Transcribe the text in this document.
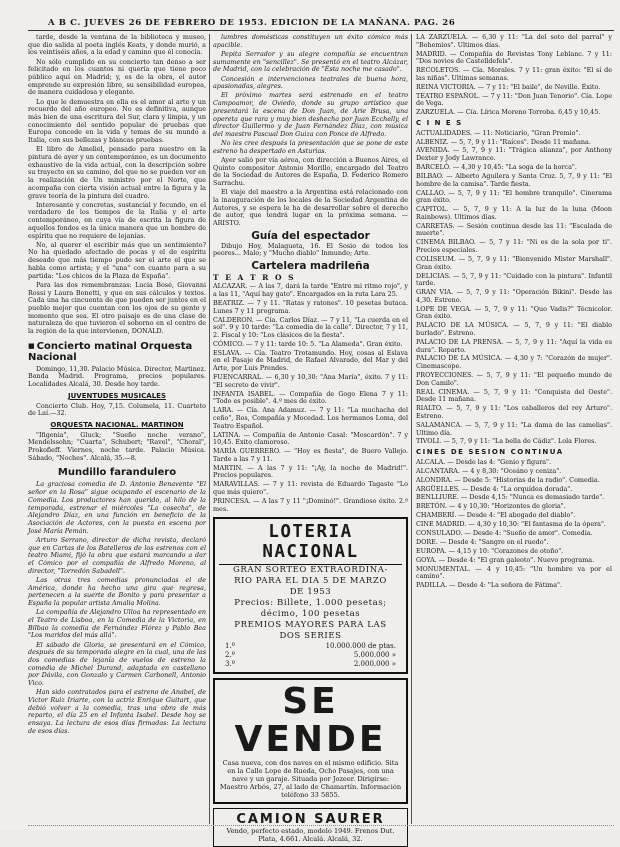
A B C. JUEVES 26 DE FEBRERO DE 1953. EDICION DE LA MAÑANA. PAG. 26

tarde, desde la ventana de la biblioteca y museo, que dio salida al poeta inglés Keats, y donde murió, a los veintiséis años, a la edad y camino que él conocía.

No sólo cumplido en su concierto tan denso a ser felicitado en los cuantos ni quería que tiene poco público aquí en Madrid; y, es de la obra, el autor emprende su expresión libre, su sensibilidad europea, de manera cuidadosa y elegante.

Lo que le demuestra en ella es el amor al arte y un recuerdo del año europeo. No es definitiva, aunque más bien de una escritura del Sur, clara y limpia, y un conocimiento del sentido popular de pruebas que Europa concede en la vida y temas de su mundo a Italia, con sus bellezas y blancas pruebas.

El libro de Ameliel, pensado para nuestro en la pintura de ayer y un contemporáneo, es un documento exhaustivo de la vida actual, con la descripción sobre su trayecto en su camino, del que no se pueden ver en la realización de Un ministro por el Norte, que acompaña con cierta visión actual entre la figura y la grave teoría de la pintura del cuadro.

Interesante y concretas, sustancial y fecundo, en el verdadero de los tiempos de la Italia y el arte contemporáneo, en cuya vía de escrita la figura de aquellos fondos es la única manera que un hombre de espíritu que no requiere de lejanías.

No, al querer el escribir más que un sentimiento? No ha quedado afectado de pocas y el de espíritu deseado que más tiempo pudo ser el arte el que se habla como artista; y el "una" con cuanto para a su partida: "Los chicos de la Plaza de España".

Para las dos remembranzas: Lucia Bosé, Giovanni Rossi y Laura Bonetti, y que en sus cálculos y textos. Cada una ha cincuenta de que pueden ser juntos en el pueblo mejor que cuentan con los ojos de su gente y momento que sea. El otro paisaje es de una clase de naturaleza de que tuvieron el soborno en el centro de la región de la que intervienen, DONALD.

■ Concierto matinal Orquesta Nacional

Domingo, 11,30. Palacio Música. Director, Martinez. Banda Madrid. Programa, precios populares. Localidades Alcalá, 30. Desde hoy tarde.

JUVENTUDES MUSICALES

Concierto Club. Hoy, 7,15. Columela, 11. Cuarteto de Laí.—32.

ORQUESTA NACIONAL. MARTINON

"Ifigenia", Gluck; "Sueño noche verano", Mendelssohn; "Cuarta", Schubert; "Ravel", "Choral", Prokofieff. Viernes, noche tarde. Palacio Música. Sábado, "Noches". Alcalá, 35.—8.

Mundillo farandulero

La graciosa comedia de D. Antonio Benavente "El señor en la Rosa" sigue ocupando el escenario de la Comedia. Los productores han querido, al hilo de la temporada, estrenar el miércoles "La cosecha", de Alejandro Díaz, en una función en beneficio de la Asociación de Actores, con la puesta en escena por José María Pemán.

Arturo Serrano, director de dicha revista, declaró que en Cartas de los Batelleros de los estrenos con el teatro Miami, fijó la obra que estará marcando a dar el Cómico por el compañía de Alfredo Moreno, al director, "Torredón Sabadell".

Las otras tres comedias pronunciadas el de América, donde ha hecho una gira que regresa, pertenecen a la suerte de Bonito y para presentar a España la popular artista Amalia Molina.

La compañía de Alejandro Ulloa ha representado en el Teatro de Lisboa, en la Comedia de la Victoria, en Bilbao la comedia de Fernández Flórez y Pablo Bea "Los maridos del más allá".

El sábado de Gloria, se presentará en el Cómico, después de su temporada alegre en la cual, una de las dos comedias de lejanía de vuelos de estreno la comedia de Michel Durand, adaptada en castellano por Dávila, con Gonzalo y Carmen Carbonell, Antonio Vico.

Han sido contratados para el estreno de Anabel, de Victor Ruiz Iriarte, con la actriz Enrique Guitart, que debió volver a la comedia, tras una obra de más reparto, el día 25 en el Infanta Isabel. Desde hoy se ensaya. La lectura de esos días firmadas: La lectura de esos días.

lumbres domésticas constituyen un éxito cómico más apacible.

Pepita Serrador y su alegre compañía se encuentran sumamente en "sencillez". Se presentó en el teatro Alcázar, de Madrid, con la celebración de "Ésta noche me casado".

Concesión e intervenciones teatrales de buena hora, apasionadas, alegres.

El próximo martes será estrenado en el teatro Campoamor, de Oviedo, donde su grupo artístico que presentará la escena de Don Juan, de Arie Brusa, una opereta que rara y muy bien deshecha por Juan Ecchelly, el director Guillermo y de Juan Fernández Díaz, con música del maestro Pascual Don Guiza con Ponce de Alfredo.

No les cree después la presentación que se pone de este estreno ha despertado en Asturias.

Ayer salió por vía aérea, con dirección a Buenos Aires, el Quinto compositor Antonio Morillo, encargado del Teatro de la Sociedad de Autores de España, D. Federico Romero Sarrachu.

El viaje del maestro a la Argentina está relacionado con la inauguración de los locales de la Sociedad Argentina de Autores, y se espera le ha de desarrollar sobre el derecho de autor, que tendrá lugar en la próxima semana. — ARISTO.

Guía del espectador

Dibujo Hoy, Malagueta, 16. El Sosio de todos los peores... Malo; y "Mucho diablo" Inmundo; Arte.

Cartelera madrileña
T E A T R O S

ALCAZAR. — A las 7, dará la tarde "Entre mi ritmo rojo", y a las 11, "Aquí hay gato". Encargados en la ruta Lara 25.

BEATRIZ. — 7 y 11. "Ratas y ratones". 10 pesetas butaca. Lunes 7 y 11 programa.

CALDERON. — Cía. Carlos Díaz. — 7 y 11, "La cuerda en el sol". 9 y 10 tarde: "La comedia de la calle". Director, 7 y 11, 2. Fiscal y 10: "Los clásicos de la fiesta".

CÓMICO. — 7 y 11: tarde 10: 5. "La Alameda". Gran éxito.

ESLAVA. — Cía. Teatro Trotamundo. Hoy, cosas al Eslava en el Pasaje de Madrid, de Rafael Alvarado, del Mar y del Arte, por Luis Prendes.

FUENCARRAL. — 6,30 y 10,30: "Ana María", éxito. 7 y 11: "El secreto de vivir".

INFANTA ISABEL. — Compañía de Gogo Elena 7 y 11: "Todo es posible". 4.º mes de éxito.

LARA. — Cía. Ana Adamuz. — 7 y 11: "La muchacha del ceño", Ros, Compañía y Mocedad. Los hermanos Loma, del Teatro Español.

LATINA. — Compañía de Antonio Casal: "Moscardón". 7 y 10,45. Éxito clamoroso.

MARÍA GUERRERO. — "Hoy es fiesta", de Buero Vallejo. Tarde a las 7 y 11.

MARTIN. — A las 7 y 11: "¡Ay, la noche de Madrid!". Precios populares.

MARAVILLAS. — 7 y 11: revista de Eduardo Tagaste "Lo que más quiero".

PRINCESA. — A las 7 y 11 "¡Dominó!". Grandioso éxito. 2.º mes.

LOTERIA NACIONAL
GRAN SORTEO EXTRAORDINA-
RIO PARA EL DIA 5 DE MARZO
DE 1953
Precios: Billete, 1.000 pesetas;
décimo, 100 pesetas
PREMIOS MAYORES PARA LAS
DOS SERIES
1.º	10.000.000 de ptas.
2.º	5.000.000 »
3.º	2.000.000 »
SE VENDE
Casa nueva, con dos naves en el mismo edificio. Sita en la Calle Lope de Rueda, Ocho Pasajes, con una nave y un garaje. Situada por Jozeer. Dirigirse: Maestro Arbós, 27, al lado de Chamartín. Información teléfono 33 5855.
CAMION SAURER
Vendo, perfecto estado, modelo 1949. Frenos Dut. Plata, 4.661. Alcalá. Alcalá, 32.

LA ZARZUELA. — 6,30 y 11: "La del soto del parral" y "Bohemios". Ultimos días.

MADRID. — Compañía de Revistas Tony Leblanc. 7 y 11: "Dos novios de Castelldefels".

RECOLETOS. — Cía. Morales. 7 y 11: gran éxito: "El sí de las niñas". Ultimas semanas.

REINA VICTORIA. — 7 y 11: "El baile", de Neville. Éxito.

TEATRO ESPAÑOL. — 7 y 11: "Don Juan Tenorio". Cía. Lope de Vega.

ZARZUELA. — Cía. Lírica Moreno Torroba. 6,45 y 10,45.

C I N E S

ACTUALIDADES. — 11: Noticiario, "Gran Premio".

ALBENIZ. — 5, 7, 9 y 11: "Raíces". Desde 11 mañana.

AVENIDA. — 5, 7, 9 y 11: "Trágica alianza", por Anthony Dexter y Jody Lawrance.

BARCELÓ. — 4,30 y 10,45: "La soga de la horca".

BILBAO. — Alberto Aguilera y Santa Cruz. 5, 7, 9 y 11: "El hombre de la camisa". Tarde fiesta.

CALLAO. — 5, 7, 9 y 11: "El hombre tranquilo". Cinerama gran éxito.

CAPITOL. — 5, 7, 9 y 11: A la luz de la luna (Moon Rainbows). Ultimos días.

CARRETAS. — Sesión continua desde las 11: "Escalada de muerte".

CINEMA BILBAO. — 5, 7 y 11: "Ni es de la sola por ti". Precios especiales.

COLISEUM. — 5, 7, 9 y 11: "Bienvenido Mister Marshall". Gran éxito.

DELICIAS. — 5, 7, 9 y 11: "Cuidado con la pintura". Infantil tarde.

GRAN VIA. — 5, 7, 9 y 11: "Operación Bikini". Desde las 4,30. Estreno.

LOPE DE VEGA. — 5, 7, 9 y 11: "Quo Vadis?" Técnicolor. Gran éxito.

PALACIO DE LA MÚSICA. — 5, 7, 9 y 11: "El diablo burlado". Estreno.

PALACIO DE LA PRENSA. — 5, 7, 9 y 11: "Aquí la vida es dura". Reparto.

PALACIO DE LA MÚSICA. — 4,30 y 7: "Corazón de mujer". Cinemascope.

PROYECCIONES. — 5, 7, 9 y 11: "El pequeño mundo de Don Camilo".

REAL CINEMA. — 5, 7, 9 y 11: "Conquista del Oeste". Desde 11 mañana.

RIALTO. — 5, 7, 9 y 11: "Los caballeros del rey Arturo". Estreno.

SALAMANCA. — 5, 7, 9 y 11: "La dama de las camelias". Ultimo día.

TIVOLI. — 5, 7, 9 y 11: "La bella de Cádiz". Lola Flores.

CINES DE SESION CONTINUA

ALCALA. — Desde las 4: "Genio y figura".

ALCANTARA. — 4 y 8,30: "Oceáno y ceniza".

ALONDRA. — Desde 5: "Historias de la radio". Comedia.

ARGÜELLES. — Desde 4: "La orquídea dorada".

BENLLIURE. — Desde 4,15: "Nunca es demasiado tarde".

BRETÓN. — 4 y 10,30: "Horizontes de gloria".

CHAMBERÍ. — Desde 4: "El abogado del diablo".

CINE MADRID. — 4,30 y 10,30: "El fantasma de la ópera".

CONSULADO. — Desde 4: "Sueño de amor". Comedia.

DORE. — Desde 4: "Sangre en el ruedo".

EUROPA. — 4,15 y 10: "Corazones de otoño".

GOYA. — Desde 4: "El gran galeoto". Nuevo programa.

MONUMENTAL. — 4 y 10,45: "Un hombre va por el camino".

PADILLA. — Desde 4: "La señora de Fátima".
